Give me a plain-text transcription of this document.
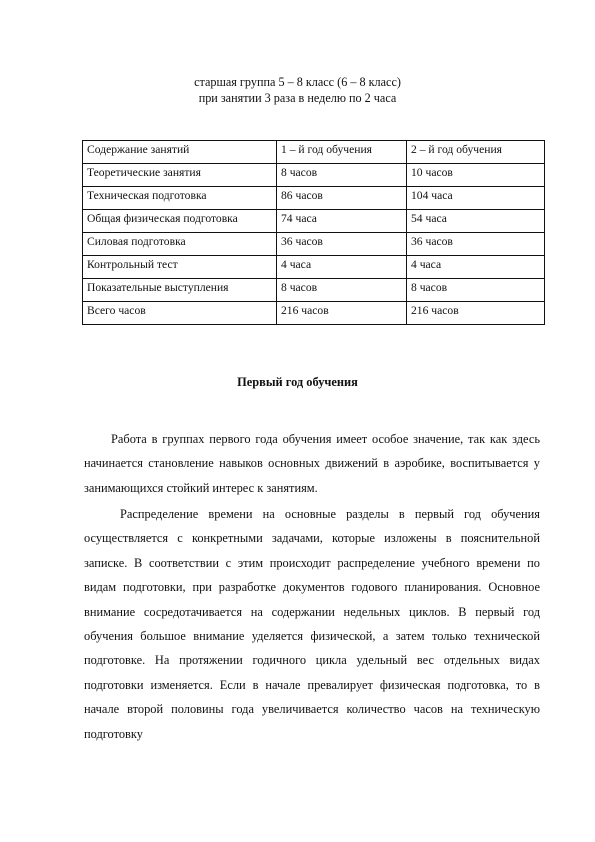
старшая группа 5 – 8 класс (6 – 8 класс)
при занятии 3 раза в неделю по 2 часа
Содержание занятий	1 – й год обучения	2 – й год обучения
Теоретические занятия	8 часов	10 часов
Техническая подготовка	86 часов	104 часа
Общая физическая подготовка	74 часа	54 часа
Силовая подготовка	36 часов	36 часов
Контрольный тест	4 часа	4 часа
Показательные выступления	8 часов	8 часов
Всего часов	216 часов	216 часов
Первый год обучения

Работа в группах первого года обучения имеет особое значение, так как здесь начинается становление навыков основных движений в аэробике, воспитывается у занимающихся стойкий интерес к занятиям.

Распределение времени на основные разделы в первый год обучения осуществляется с конкретными задачами, которые изложены в пояснительной записке. В соответствии с этим происходит распределение учебного времени по видам подготовки, при разработке документов годового планирования. Основное внимание сосредотачивается на содержании недельных циклов. В первый год обучения большое внимание уделяется физической, а затем только технической подготовке. На протяжении годичного цикла удельный вес отдельных видах подготовки изменяется. Если в начале превалирует физическая подготовка, то в начале второй половины года увеличивается количество часов на техническую подготовку
